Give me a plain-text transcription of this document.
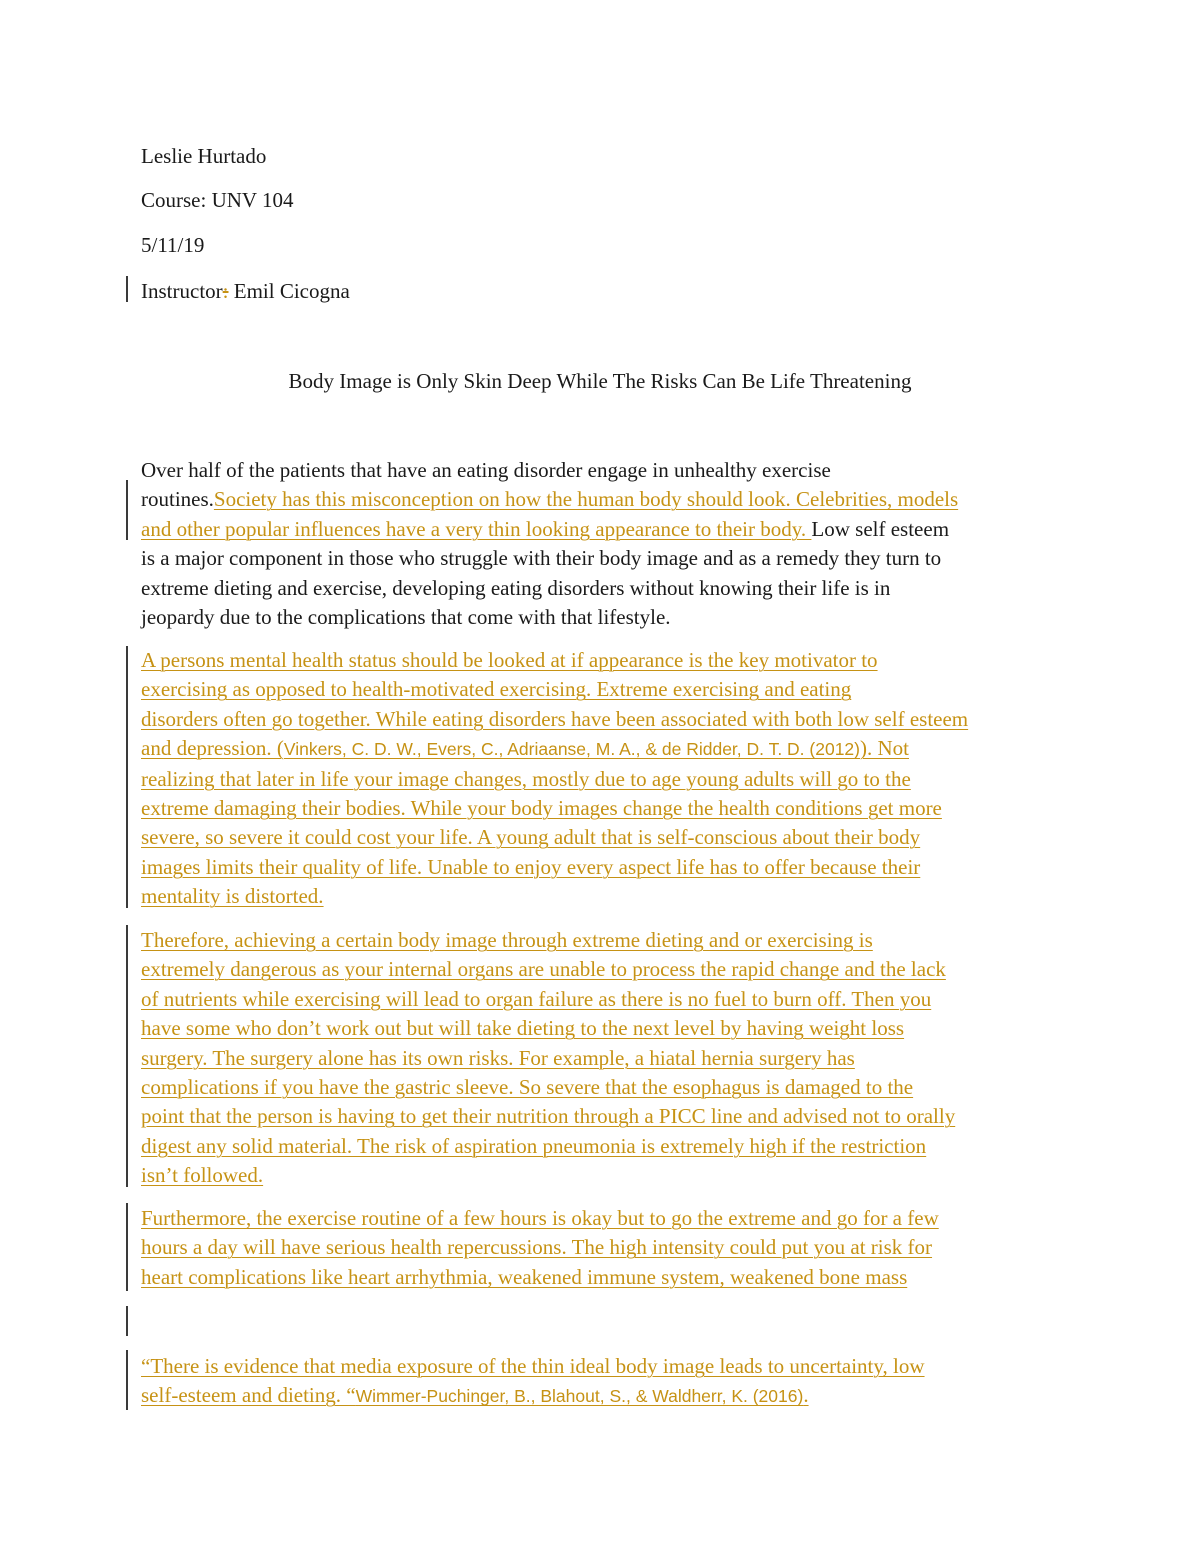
Leslie Hurtado

Course: UNV 104

5/11/19

Instructor: Emil Cicogna

Body Image is Only Skin Deep While The Risks Can Be Life Threatening

Over half of the patients that have an eating disorder engage in unhealthy exercise
routines.Society has this misconception on how the human body should look. Celebrities, models
and other popular influences have a very thin looking appearance to their body. Low self esteem
is a major component in those who struggle with their body image and as a remedy they turn to
extreme dieting and exercise, developing eating disorders without knowing their life is in
jeopardy due to the complications that come with that lifestyle.
A persons mental health status should be looked at if appearance is the key motivator to
exercising as opposed to health-motivated exercising. Extreme exercising and eating
disorders often go together. While eating disorders have been associated with both low self esteem
and depression. (Vinkers, C. D. W., Evers, C., Adriaanse, M. A., & de Ridder, D. T. D. (2012)). Not
realizing that later in life your image changes, mostly due to age young adults will go to the
extreme damaging their bodies. While your body images change the health conditions get more
severe, so severe it could cost your life. A young adult that is self-conscious about their body
images limits their quality of life. Unable to enjoy every aspect life has to offer because their
mentality is distorted.
Therefore, achieving a certain body image through extreme dieting and or exercising is
extremely dangerous as your internal organs are unable to process the rapid change and the lack
of nutrients while exercising will lead to organ failure as there is no fuel to burn off. Then you
have some who don’t work out but will take dieting to the next level by having weight loss
surgery. The surgery alone has its own risks. For example, a hiatal hernia surgery has
complications if you have the gastric sleeve. So severe that the esophagus is damaged to the
point that the person is having to get their nutrition through a PICC line and advised not to orally
digest any solid material. The risk of aspiration pneumonia is extremely high if the restriction
isn’t followed.
Furthermore, the exercise routine of a few hours is okay but to go the extreme and go for a few
hours a day will have serious health repercussions. The high intensity could put you at risk for
heart complications like heart arrhythmia, weakened immune system, weakened bone mass
“There is evidence that media exposure of the thin ideal body image leads to uncertainty, low
self-esteem and dieting. “Wimmer-Puchinger, B., Blahout, S., & Waldherr, K. (2016).
